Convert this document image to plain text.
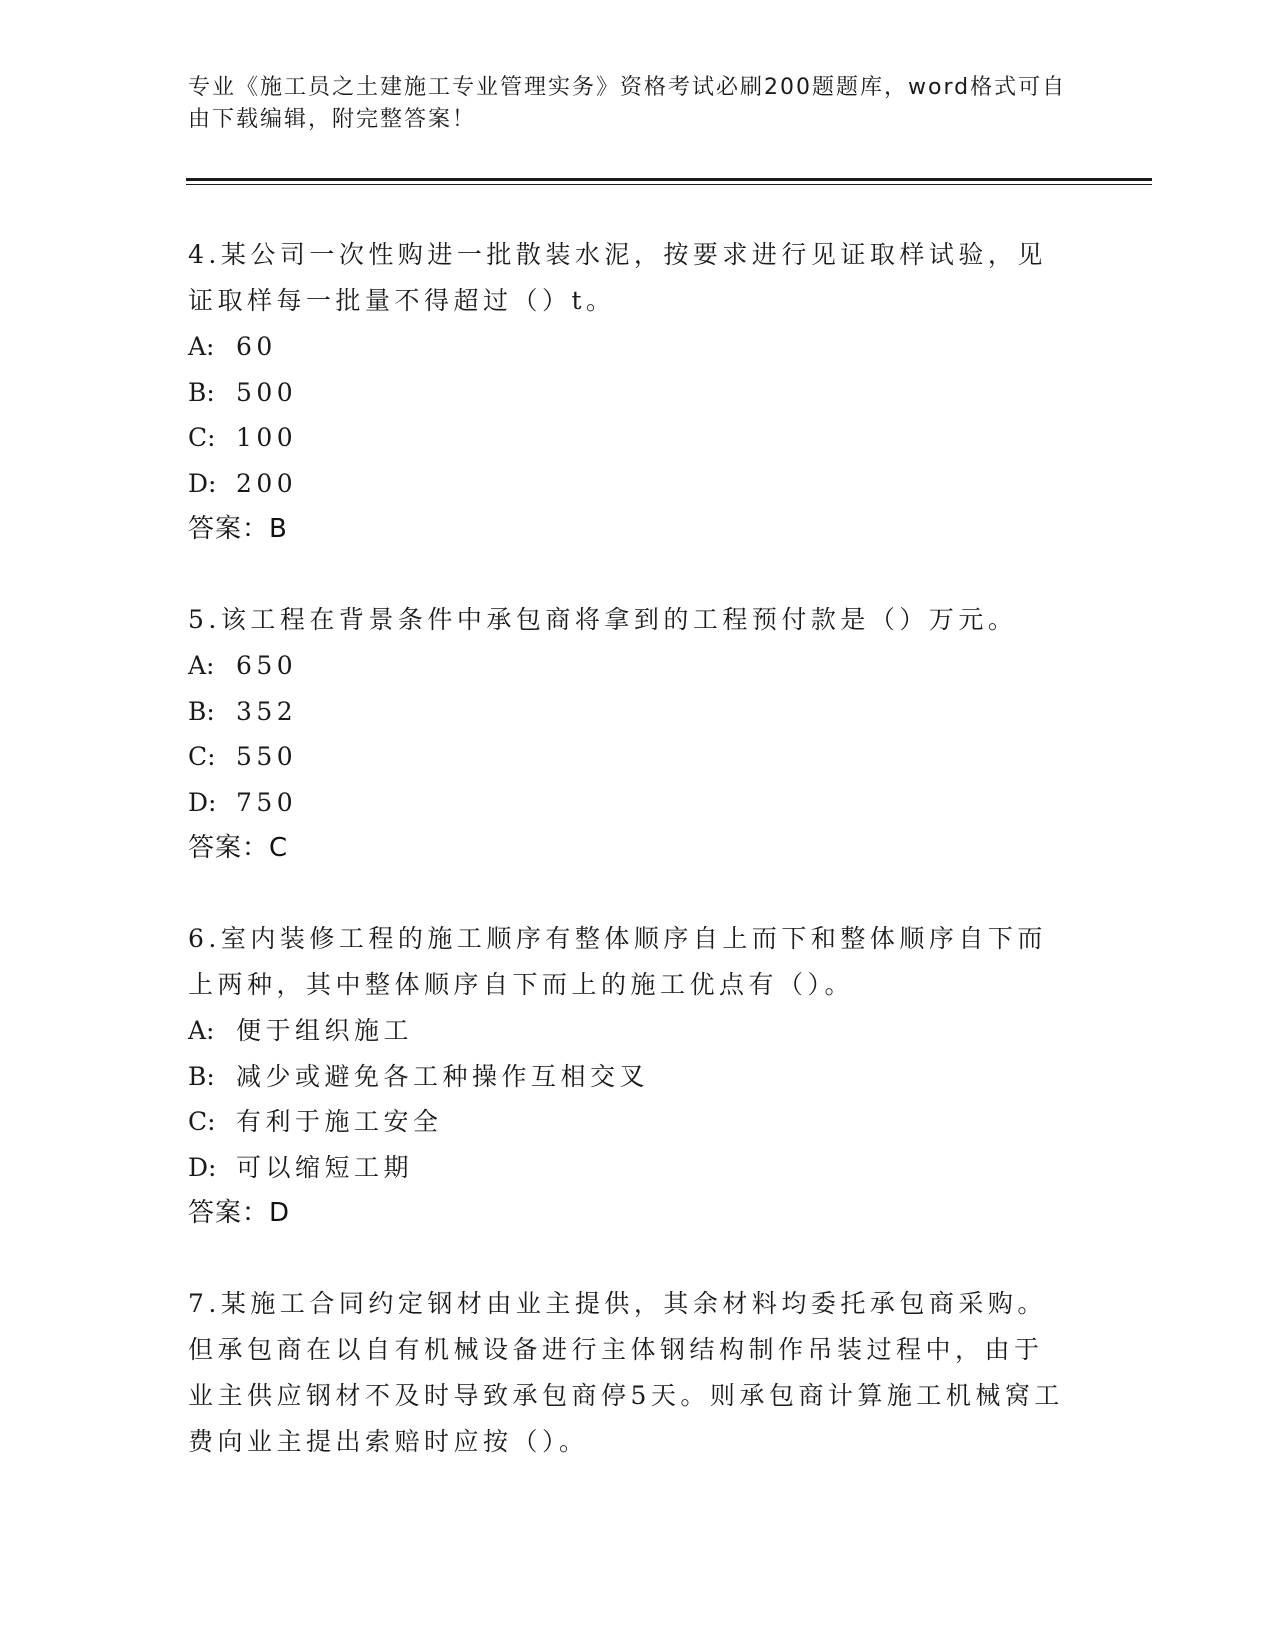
专业《施工员之土建施工专业管理实务》资格考试必刷200题题库，word格式可自由下载编辑，附完整答案！

4.某公司一次性购进一批散装水泥，按要求进行见证取样试验，见证取样每一批量不得超过（）t。

A: 60

B: 500

C: 100

D: 200

答案：B

5.该工程在背景条件中承包商将拿到的工程预付款是（）万元。

A: 650

B: 352

C: 550

D: 750

答案：C

6.室内装修工程的施工顺序有整体顺序自上而下和整体顺序自下而上两种，其中整体顺序自下而上的施工优点有（）。

A: 便于组织施工

B: 减少或避免各工种操作互相交叉

C: 有利于施工安全

D: 可以缩短工期

答案：D

7.某施工合同约定钢材由业主提供，其余材料均委托承包商采购。但承包商在以自有机械设备进行主体钢结构制作吊装过程中，由于业主供应钢材不及时导致承包商停5天。则承包商计算施工机械窝工费向业主提出索赔时应按（）。
